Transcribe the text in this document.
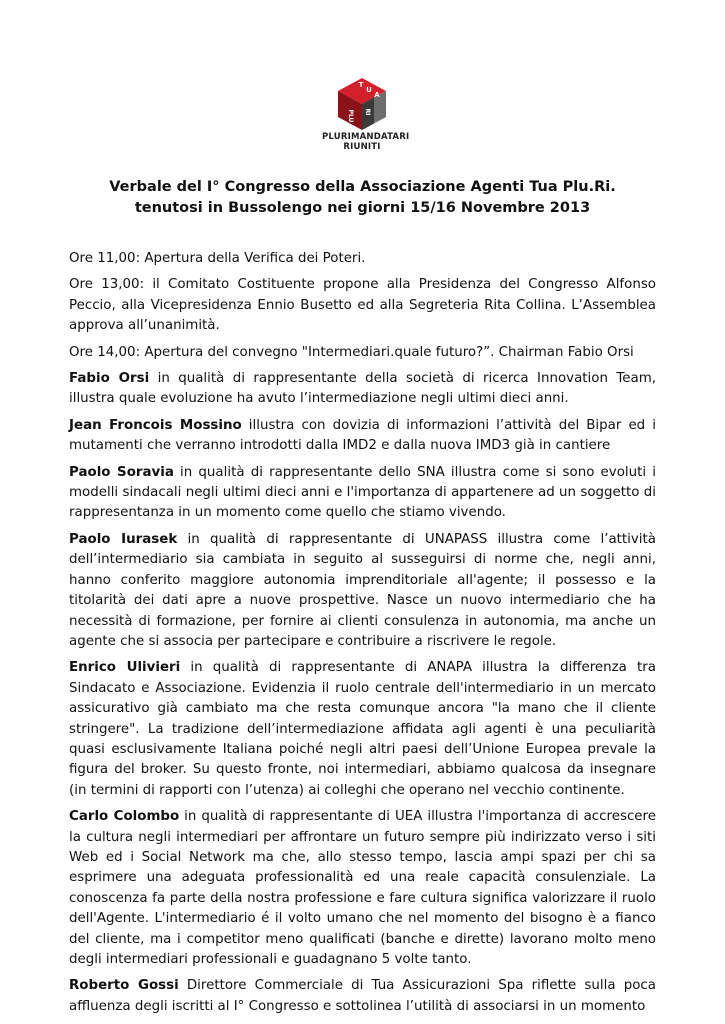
T
U
A
PLU RI
PLURIMANDATARI
RIUNITI
Verbale del I° Congresso della Associazione Agenti Tua Plu.Ri.
tenutosi in Bussolengo nei giorni 15/16 Novembre 2013

Ore 11,00: Apertura della Verifica dei Poteri.

Ore 13,00: il Comitato Costituente propone alla Presidenza del Congresso Alfonso Peccio, alla Vicepresidenza Ennio Busetto ed alla Segreteria Rita Collina. L’Assemblea approva all’unanimità.

Ore 14,00: Apertura del convegno "Intermediari.quale futuro?”. Chairman Fabio Orsi

Fabio Orsi in qualità di rappresentante della società di ricerca Innovation Team, illustra quale evoluzione ha avuto l’intermediazione negli ultimi dieci anni.

Jean Froncois Mossino illustra con dovizia di informazioni l’attività del Bipar ed i mutamenti che verranno introdotti dalla IMD2 e dalla nuova IMD3 già in cantiere

Paolo Soravia in qualità di rappresentante dello SNA illustra come si sono evoluti i modelli sindacali negli ultimi dieci anni e l'importanza di appartenere ad un soggetto di rappresentanza in un momento come quello che stiamo vivendo.

Paolo Iurasek in qualità di rappresentante di UNAPASS illustra come l’attività dell’intermediario sia cambiata in seguito al susseguirsi di norme che, negli anni, hanno conferito maggiore autonomia imprenditoriale all'agente; il possesso e la titolarità dei dati apre a nuove prospettive. Nasce un nuovo intermediario che ha necessità di formazione, per fornire ai clienti consulenza in autonomia, ma anche un agente che si associa per partecipare e contribuire a riscrivere le regole.

Enrico Ulivieri in qualità di rappresentante di ANAPA illustra la differenza tra Sindacato e Associazione. Evidenzia il ruolo centrale dell'intermediario in un mercato assicurativo già cambiato ma che resta comunque ancora "la mano che il cliente stringere". La tradizione dell’intermediazione affidata agli agenti è una peculiarità quasi esclusivamente Italiana poiché negli altri paesi dell’Unione Europea prevale la figura del broker. Su questo fronte, noi intermediari, abbiamo qualcosa da insegnare (in termini di rapporti con l’utenza) ai colleghi che operano nel vecchio continente.

Carlo Colombo in qualità di rappresentante di UEA illustra l'importanza di accrescere la cultura negli intermediari per affrontare un futuro sempre più indirizzato verso i siti Web ed i Social Network ma che, allo stesso tempo, lascia ampi spazi per chi sa esprimere una adeguata professionalità ed una reale capacità consulenziale. La conoscenza fa parte della nostra professione e fare cultura significa valorizzare il ruolo dell'Agente. L'intermediario é il volto umano che nel momento del bisogno è a fianco del cliente, ma i competitor meno qualificati (banche e dirette) lavorano molto meno degli intermediari professionali e guadagnano 5 volte tanto.

Roberto Gossi Direttore Commerciale di Tua Assicurazioni Spa riflette sulla poca affluenza degli iscritti al I° Congresso e sottolinea l’utilità di associarsi in un momento
